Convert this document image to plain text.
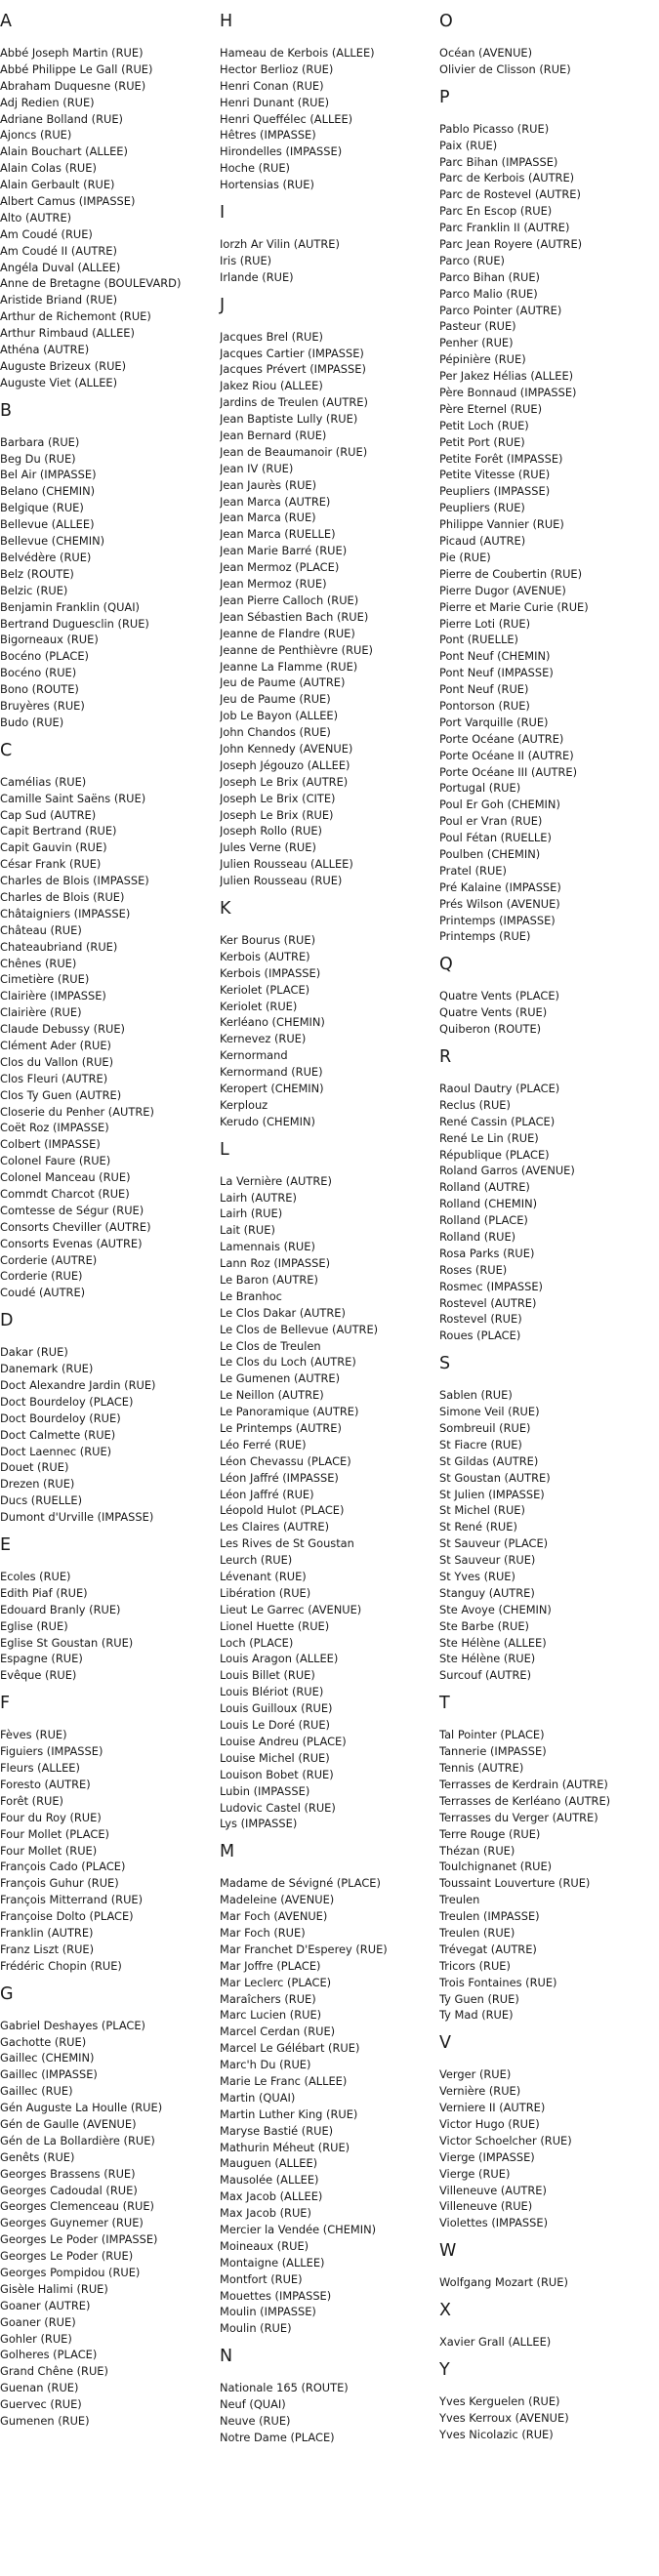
A
Abbé Joseph Martin (RUE)
Abbé Philippe Le Gall (RUE)
Abraham Duquesne (RUE)
Adj Redien (RUE)
Adriane Bolland (RUE)
Ajoncs (RUE)
Alain Bouchart (ALLEE)
Alain Colas (RUE)
Alain Gerbault (RUE)
Albert Camus (IMPASSE)
Alto (AUTRE)
Am Coudé (RUE)
Am Coudé II (AUTRE)
Angéla Duval (ALLEE)
Anne de Bretagne (BOULEVARD)
Aristide Briand (RUE)
Arthur de Richemont (RUE)
Arthur Rimbaud (ALLEE)
Athéna (AUTRE)
Auguste Brizeux (RUE)
Auguste Viet (ALLEE)
B
Barbara (RUE)
Beg Du (RUE)
Bel Air (IMPASSE)
Belano (CHEMIN)
Belgique (RUE)
Bellevue (ALLEE)
Bellevue (CHEMIN)
Belvédère (RUE)
Belz (ROUTE)
Belzic (RUE)
Benjamin Franklin (QUAI)
Bertrand Duguesclin (RUE)
Bigorneaux (RUE)
Bocéno (PLACE)
Bocéno (RUE)
Bono (ROUTE)
Bruyères (RUE)
Budo (RUE)
C
Camélias (RUE)
Camille Saint Saëns (RUE)
Cap Sud (AUTRE)
Capit Bertrand (RUE)
Capit Gauvin (RUE)
César Frank (RUE)
Charles de Blois (IMPASSE)
Charles de Blois (RUE)
Châtaigniers (IMPASSE)
Château (RUE)
Chateaubriand (RUE)
Chênes (RUE)
Cimetière (RUE)
Clairière (IMPASSE)
Clairière (RUE)
Claude Debussy (RUE)
Clément Ader (RUE)
Clos du Vallon (RUE)
Clos Fleuri (AUTRE)
Clos Ty Guen (AUTRE)
Closerie du Penher (AUTRE)
Coët Roz (IMPASSE)
Colbert (IMPASSE)
Colonel Faure (RUE)
Colonel Manceau (RUE)
Commdt Charcot (RUE)
Comtesse de Ségur (RUE)
Consorts Cheviller (AUTRE)
Consorts Evenas (AUTRE)
Corderie (AUTRE)
Corderie (RUE)
Coudé (AUTRE)
D
Dakar (RUE)
Danemark (RUE)
Doct Alexandre Jardin (RUE)
Doct Bourdeloy (PLACE)
Doct Bourdeloy (RUE)
Doct Calmette (RUE)
Doct Laennec (RUE)
Douet (RUE)
Drezen (RUE)
Ducs (RUELLE)
Dumont d'Urville (IMPASSE)
E
Ecoles (RUE)
Edith Piaf (RUE)
Edouard Branly (RUE)
Eglise (RUE)
Eglise St Goustan (RUE)
Espagne (RUE)
Evêque (RUE)
F
Fèves (RUE)
Figuiers (IMPASSE)
Fleurs (ALLEE)
Foresto (AUTRE)
Forêt (RUE)
Four du Roy (RUE)
Four Mollet (PLACE)
Four Mollet (RUE)
François Cado (PLACE)
François Guhur (RUE)
François Mitterrand (RUE)
Françoise Dolto (PLACE)
Franklin (AUTRE)
Franz Liszt (RUE)
Frédéric Chopin (RUE)
G
Gabriel Deshayes (PLACE)
Gachotte (RUE)
Gaillec (CHEMIN)
Gaillec (IMPASSE)
Gaillec (RUE)
Gén Auguste La Houlle (RUE)
Gén de Gaulle (AVENUE)
Gén de La Bollardière (RUE)
Genêts (RUE)
Georges Brassens (RUE)
Georges Cadoudal (RUE)
Georges Clemenceau (RUE)
Georges Guynemer (RUE)
Georges Le Poder (IMPASSE)
Georges Le Poder (RUE)
Georges Pompidou (RUE)
Gisèle Halimi (RUE)
Goaner (AUTRE)
Goaner (RUE)
Gohler (RUE)
Golheres (PLACE)
Grand Chêne (RUE)
Guenan (RUE)
Guervec (RUE)
Gumenen (RUE)
H
Hameau de Kerbois (ALLEE)
Hector Berlioz (RUE)
Henri Conan (RUE)
Henri Dunant (RUE)
Henri Queffélec (ALLEE)
Hêtres (IMPASSE)
Hirondelles (IMPASSE)
Hoche (RUE)
Hortensias (RUE)
I
Iorzh Ar Vilin (AUTRE)
Iris (RUE)
Irlande (RUE)
J
Jacques Brel (RUE)
Jacques Cartier (IMPASSE)
Jacques Prévert (IMPASSE)
Jakez Riou (ALLEE)
Jardins de Treulen (AUTRE)
Jean Baptiste Lully (RUE)
Jean Bernard (RUE)
Jean de Beaumanoir (RUE)
Jean IV (RUE)
Jean Jaurès (RUE)
Jean Marca (AUTRE)
Jean Marca (RUE)
Jean Marca (RUELLE)
Jean Marie Barré (RUE)
Jean Mermoz (PLACE)
Jean Mermoz (RUE)
Jean Pierre Calloch (RUE)
Jean Sébastien Bach (RUE)
Jeanne de Flandre (RUE)
Jeanne de Penthièvre (RUE)
Jeanne La Flamme (RUE)
Jeu de Paume (AUTRE)
Jeu de Paume (RUE)
Job Le Bayon (ALLEE)
John Chandos (RUE)
John Kennedy (AVENUE)
Joseph Jégouzo (ALLEE)
Joseph Le Brix (AUTRE)
Joseph Le Brix (CITE)
Joseph Le Brix (RUE)
Joseph Rollo (RUE)
Jules Verne (RUE)
Julien Rousseau (ALLEE)
Julien Rousseau (RUE)
K
Ker Bourus (RUE)
Kerbois (AUTRE)
Kerbois (IMPASSE)
Keriolet (PLACE)
Keriolet (RUE)
Kerléano (CHEMIN)
Kernevez (RUE)
Kernormand
Kernormand (RUE)
Keropert (CHEMIN)
Kerplouz
Kerudo (CHEMIN)
L
La Vernière (AUTRE)
Lairh (AUTRE)
Lairh (RUE)
Lait (RUE)
Lamennais (RUE)
Lann Roz (IMPASSE)
Le Baron (AUTRE)
Le Branhoc
Le Clos Dakar (AUTRE)
Le Clos de Bellevue (AUTRE)
Le Clos de Treulen
Le Clos du Loch (AUTRE)
Le Gumenen (AUTRE)
Le Neillon (AUTRE)
Le Panoramique (AUTRE)
Le Printemps (AUTRE)
Léo Ferré (RUE)
Léon Chevassu (PLACE)
Léon Jaffré (IMPASSE)
Léon Jaffré (RUE)
Léopold Hulot (PLACE)
Les Claires (AUTRE)
Les Rives de St Goustan
Leurch (RUE)
Lévenant (RUE)
Libération (RUE)
Lieut Le Garrec (AVENUE)
Lionel Huette (RUE)
Loch (PLACE)
Louis Aragon (ALLEE)
Louis Billet (RUE)
Louis Blériot (RUE)
Louis Guilloux (RUE)
Louis Le Doré (RUE)
Louise Andreu (PLACE)
Louise Michel (RUE)
Louison Bobet (RUE)
Lubin (IMPASSE)
Ludovic Castel (RUE)
Lys (IMPASSE)
M
Madame de Sévigné (PLACE)
Madeleine (AVENUE)
Mar Foch (AVENUE)
Mar Foch (RUE)
Mar Franchet D'Esperey (RUE)
Mar Joffre (PLACE)
Mar Leclerc (PLACE)
Maraîchers (RUE)
Marc Lucien (RUE)
Marcel Cerdan (RUE)
Marcel Le Gélébart (RUE)
Marc'h Du (RUE)
Marie Le Franc (ALLEE)
Martin (QUAI)
Martin Luther King (RUE)
Maryse Bastié (RUE)
Mathurin Méheut (RUE)
Mauguen (ALLEE)
Mausolée (ALLEE)
Max Jacob (ALLEE)
Max Jacob (RUE)
Mercier la Vendée (CHEMIN)
Moineaux (RUE)
Montaigne (ALLEE)
Montfort (RUE)
Mouettes (IMPASSE)
Moulin (IMPASSE)
Moulin (RUE)
N
Nationale 165 (ROUTE)
Neuf (QUAI)
Neuve (RUE)
Notre Dame (PLACE)
O
Océan (AVENUE)
Olivier de Clisson (RUE)
P
Pablo Picasso (RUE)
Paix (RUE)
Parc Bihan (IMPASSE)
Parc de Kerbois (AUTRE)
Parc de Rostevel (AUTRE)
Parc En Escop (RUE)
Parc Franklin II (AUTRE)
Parc Jean Royere (AUTRE)
Parco (RUE)
Parco Bihan (RUE)
Parco Malio (RUE)
Parco Pointer (AUTRE)
Pasteur (RUE)
Penher (RUE)
Pépinière (RUE)
Per Jakez Hélias (ALLEE)
Père Bonnaud (IMPASSE)
Père Eternel (RUE)
Petit Loch (RUE)
Petit Port (RUE)
Petite Forêt (IMPASSE)
Petite Vitesse (RUE)
Peupliers (IMPASSE)
Peupliers (RUE)
Philippe Vannier (RUE)
Picaud (AUTRE)
Pie (RUE)
Pierre de Coubertin (RUE)
Pierre Dugor (AVENUE)
Pierre et Marie Curie (RUE)
Pierre Loti (RUE)
Pont (RUELLE)
Pont Neuf (CHEMIN)
Pont Neuf (IMPASSE)
Pont Neuf (RUE)
Pontorson (RUE)
Port Varquille (RUE)
Porte Océane (AUTRE)
Porte Océane II (AUTRE)
Porte Océane III (AUTRE)
Portugal (RUE)
Poul Er Goh (CHEMIN)
Poul er Vran (RUE)
Poul Fétan (RUELLE)
Poulben (CHEMIN)
Pratel (RUE)
Pré Kalaine (IMPASSE)
Prés Wilson (AVENUE)
Printemps (IMPASSE)
Printemps (RUE)
Q
Quatre Vents (PLACE)
Quatre Vents (RUE)
Quiberon (ROUTE)
R
Raoul Dautry (PLACE)
Reclus (RUE)
René Cassin (PLACE)
René Le Lin (RUE)
République (PLACE)
Roland Garros (AVENUE)
Rolland (AUTRE)
Rolland (CHEMIN)
Rolland (PLACE)
Rolland (RUE)
Rosa Parks (RUE)
Roses (RUE)
Rosmec (IMPASSE)
Rostevel (AUTRE)
Rostevel (RUE)
Roues (PLACE)
S
Sablen (RUE)
Simone Veil (RUE)
Sombreuil (RUE)
St Fiacre (RUE)
St Gildas (AUTRE)
St Goustan (AUTRE)
St Julien (IMPASSE)
St Michel (RUE)
St René (RUE)
St Sauveur (PLACE)
St Sauveur (RUE)
St Yves (RUE)
Stanguy (AUTRE)
Ste Avoye (CHEMIN)
Ste Barbe (RUE)
Ste Hélène (ALLEE)
Ste Hélène (RUE)
Surcouf (AUTRE)
T
Tal Pointer (PLACE)
Tannerie (IMPASSE)
Tennis (AUTRE)
Terrasses de Kerdrain (AUTRE)
Terrasses de Kerléano (AUTRE)
Terrasses du Verger (AUTRE)
Terre Rouge (RUE)
Thézan (RUE)
Toulchignanet (RUE)
Toussaint Louverture (RUE)
Treulen
Treulen (IMPASSE)
Treulen (RUE)
Trévegat (AUTRE)
Tricors (RUE)
Trois Fontaines (RUE)
Ty Guen (RUE)
Ty Mad (RUE)
V
Verger (RUE)
Vernière (RUE)
Verniere II (AUTRE)
Victor Hugo (RUE)
Victor Schoelcher (RUE)
Vierge (IMPASSE)
Vierge (RUE)
Villeneuve (AUTRE)
Villeneuve (RUE)
Violettes (IMPASSE)
W
Wolfgang Mozart (RUE)
X
Xavier Grall (ALLEE)
Y
Yves Kerguelen (RUE)
Yves Kerroux (AVENUE)
Yves Nicolazic (RUE)
